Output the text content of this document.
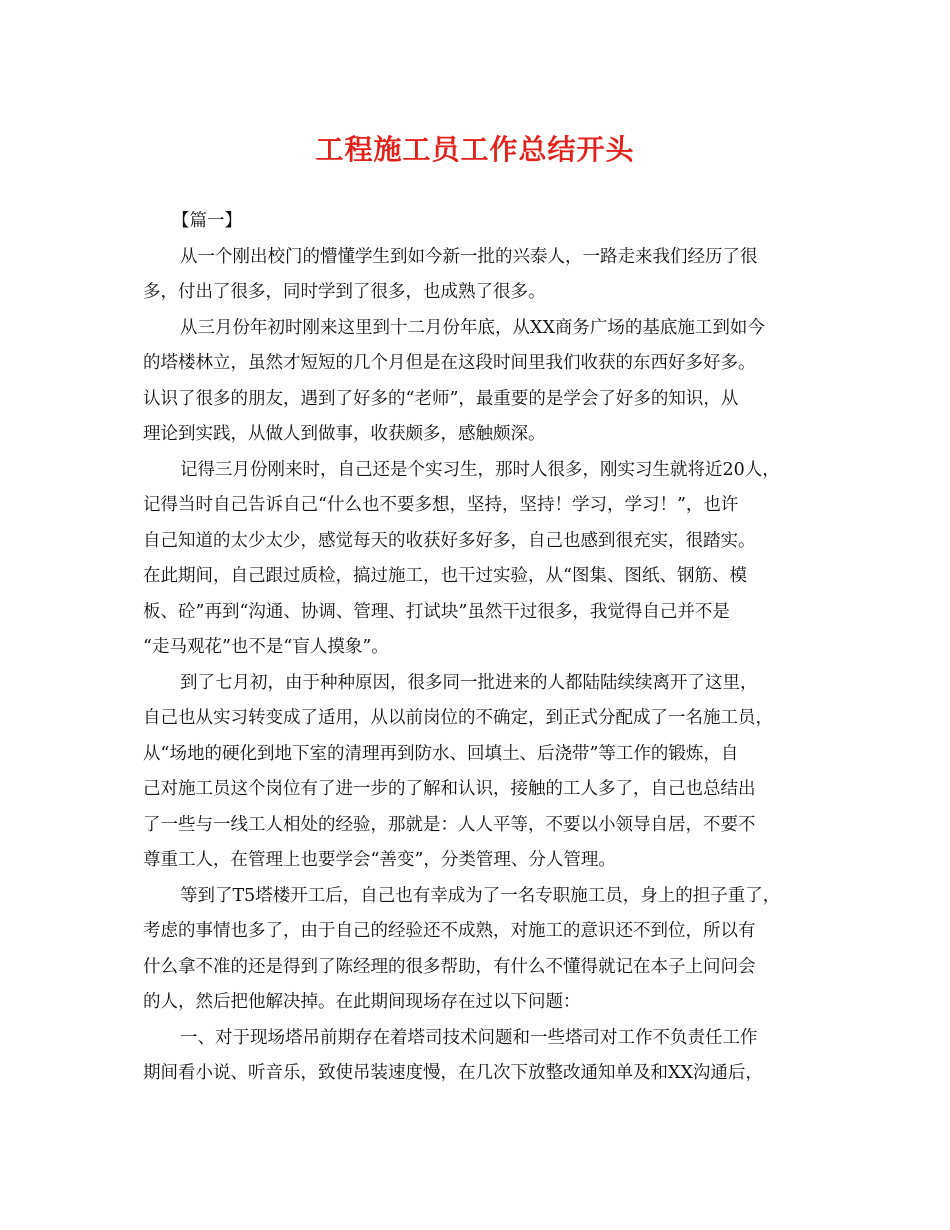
工程施工员工作总结开头
【篇一】
从一个刚出校门的懵懂学生到如今新一批的兴泰人，一路走来我们经历了很
多，付出了很多，同时学到了很多，也成熟了很多。
从三月份年初时刚来这里到十二月份年底，从XX商务广场的基底施工到如今
的塔楼林立，虽然才短短的几个月但是在这段时间里我们收获的东西好多好多。
认识了很多的朋友，遇到了好多的“老师”，最重要的是学会了好多的知识，从
理论到实践，从做人到做事，收获颇多，感触颇深。
记得三月份刚来时，自己还是个实习生，那时人很多，刚实习生就将近20人，
记得当时自己告诉自己“什么也不要多想，坚持，坚持！学习，学习！”，也许
自己知道的太少太少，感觉每天的收获好多好多，自己也感到很充实，很踏实。
在此期间，自己跟过质检，搞过施工，也干过实验，从“图集、图纸、钢筋、模
板、砼”再到“沟通、协调、管理、打试块”虽然干过很多，我觉得自己并不是
“走马观花”也不是“盲人摸象”。
到了七月初，由于种种原因，很多同一批进来的人都陆陆续续离开了这里，
自己也从实习转变成了适用，从以前岗位的不确定，到正式分配成了一名施工员，
从“场地的硬化到地下室的清理再到防水、回填土、后浇带”等工作的锻炼，自
己对施工员这个岗位有了进一步的了解和认识，接触的工人多了，自己也总结出
了一些与一线工人相处的经验，那就是：人人平等，不要以小领导自居，不要不
尊重工人，在管理上也要学会“善变”，分类管理、分人管理。
等到了T5塔楼开工后，自己也有幸成为了一名专职施工员，身上的担子重了，
考虑的事情也多了，由于自己的经验还不成熟，对施工的意识还不到位，所以有
什么拿不准的还是得到了陈经理的很多帮助，有什么不懂得就记在本子上问问会
的人，然后把他解决掉。在此期间现场存在过以下问题：
一、对于现场塔吊前期存在着塔司技术问题和一些塔司对工作不负责任工作
期间看小说、听音乐，致使吊装速度慢，在几次下放整改通知单及和XX沟通后，
